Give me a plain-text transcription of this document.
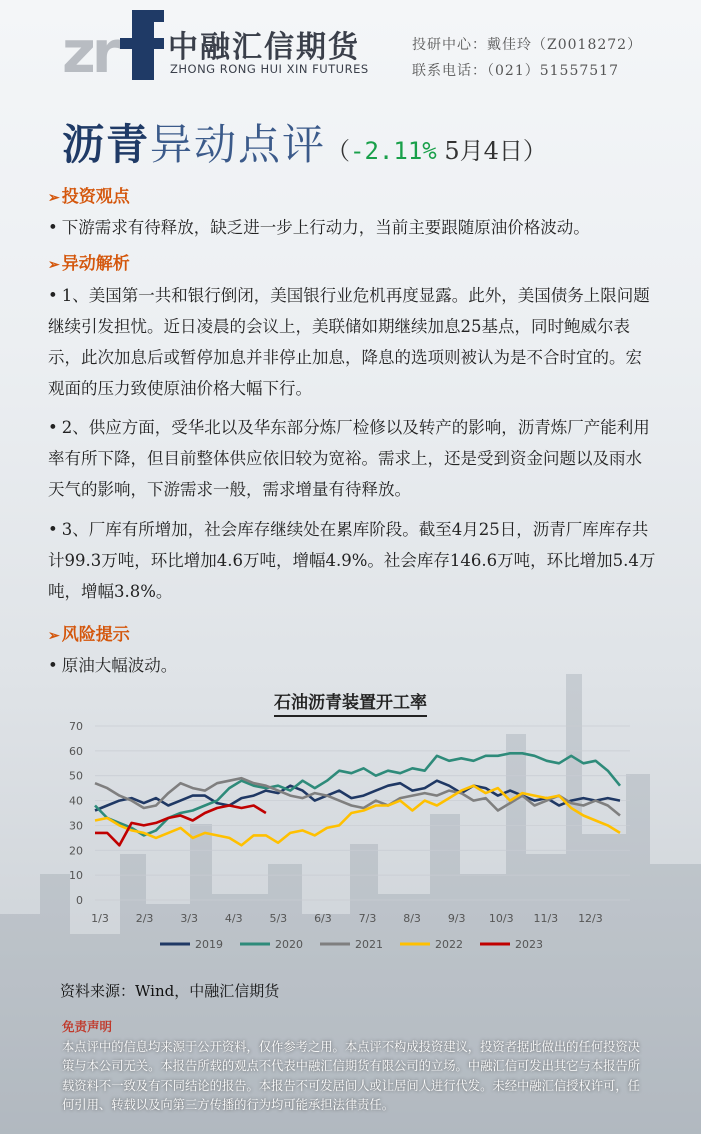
zr 中融汇信期货
ZHONG RONG HUI XIN FUTURES
投研中心：戴佳玲（Z0018272）
联系电话：（021）51557517
沥青异动点评（-2.11% 5月4日）
➢ 投资观点
• 下游需求有待释放，缺乏进一步上行动力，当前主要跟随原油价格波动。
➢ 异动解析
• 1、美国第一共和银行倒闭，美国银行业危机再度显露。此外，美国债务上限问题继续引发担忧。近日凌晨的会议上，美联储如期继续加息25基点，同时鲍威尔表示，此次加息后或暂停加息并非停止加息，降息的选项则被认为是不合时宜的。宏观面的压力致使原油价格大幅下行。
• 2、供应方面，受华北以及华东部分炼厂检修以及转产的影响，沥青炼厂产能利用率有所下降，但目前整体供应依旧较为宽裕。需求上，还是受到资金问题以及雨水天气的影响，下游需求一般，需求增量有待释放。
• 3、厂库有所增加，社会库存继续处在累库阶段。截至4月25日，沥青厂库库存共计99.3万吨，环比增加4.6万吨，增幅4.9%。社会库存146.6万吨，环比增加5.4万吨，增幅3.8%。
➢ 风险提示
• 原油大幅波动。
石油沥青装置开工率
0
10
20
30
40
50
60
70
1/3 2/3 3/3 4/3 5/3 6/3 7/3 8/3 9/3 10/3 11/3 12/3
2019	2020	2021	2022	2023
资料来源：Wind，中融汇信期货
免责声明
本点评中的信息均来源于公开资料，仅作参考之用。本点评不构成投资建议，投资者据此做出的任何投资决策与本公司无关。本报告所载的观点不代表中融汇信期货有限公司的立场。中融汇信可发出其它与本报告所载资料不一致及有不同结论的报告。本报告不可发居间人或让居间人进行代发。未经中融汇信授权许可，任何引用、转载以及向第三方传播的行为均可能承担法律责任。
